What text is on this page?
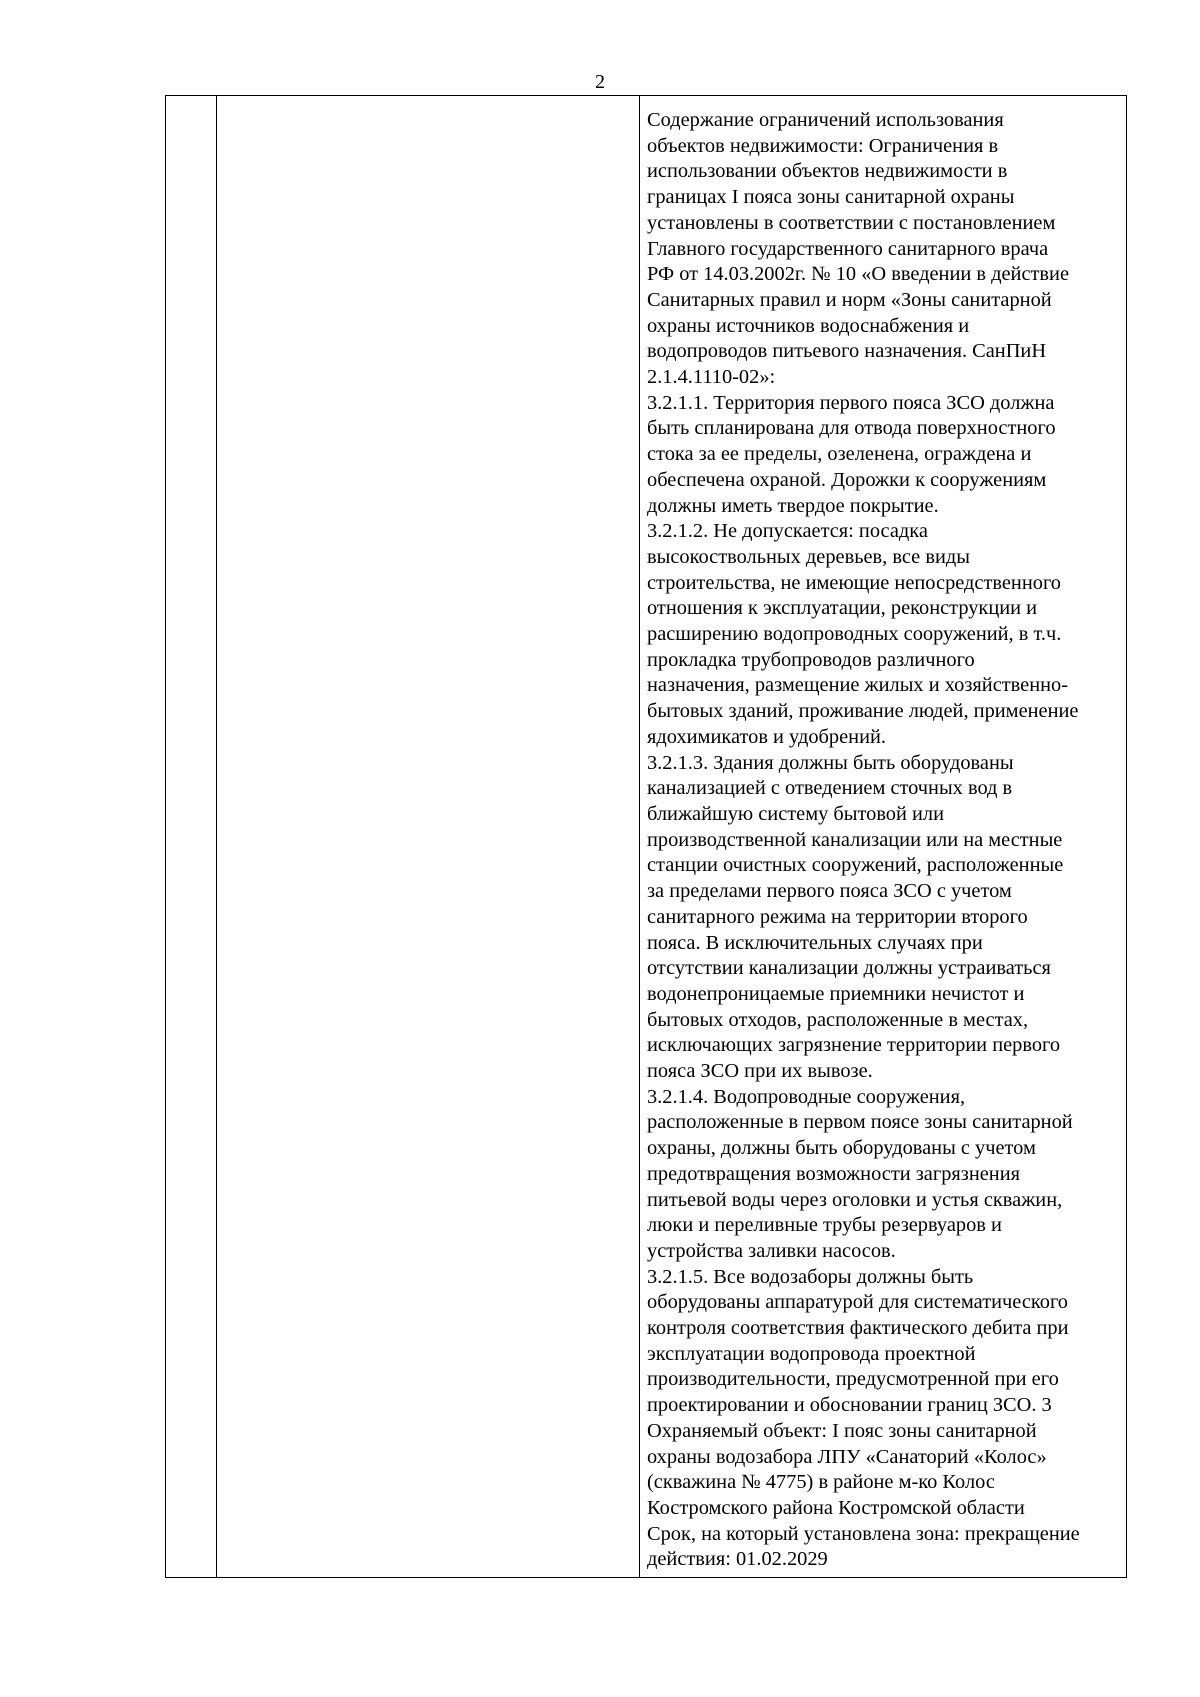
2

Содержание ограничений использования
объектов недвижимости: Ограничения в
использовании объектов недвижимости в
границах I пояса зоны санитарной охраны
установлены в соответствии с постановлением
Главного государственного санитарного врача
РФ от 14.03.2002г. № 10 «О введении в действие
Санитарных правил и норм «Зоны санитарной
охраны источников водоснабжения и
водопроводов питьевого назначения. СанПиН
2.1.4.1110-02»:

3.2.1.1. Территория первого пояса ЗСО должна
быть спланирована для отвода поверхностного
стока за ее пределы, озеленена, ограждена и
обеспечена охраной. Дорожки к сооружениям
должны иметь твердое покрытие.

3.2.1.2. Не допускается: посадка
высокоствольных деревьев, все виды
строительства, не имеющие непосредственного
отношения к эксплуатации, реконструкции и
расширению водопроводных сооружений, в т.ч.
прокладка трубопроводов различного
назначения, размещение жилых и хозяйственно-
бытовых зданий, проживание людей, применение
ядохимикатов и удобрений.

3.2.1.3. Здания должны быть оборудованы
канализацией с отведением сточных вод в
ближайшую систему бытовой или
производственной канализации или на местные
станции очистных сооружений, расположенные
за пределами первого пояса ЗСО с учетом
санитарного режима на территории второго
пояса. В исключительных случаях при
отсутствии канализации должны устраиваться
водонепроницаемые приемники нечистот и
бытовых отходов, расположенные в местах,
исключающих загрязнение территории первого
пояса ЗСО при их вывозе.

3.2.1.4. Водопроводные сооружения,
расположенные в первом поясе зоны санитарной
охраны, должны быть оборудованы с учетом
предотвращения возможности загрязнения
питьевой воды через оголовки и устья скважин,
люки и переливные трубы резервуаров и
устройства заливки насосов.

3.2.1.5. Все водозаборы должны быть
оборудованы аппаратурой для систематического
контроля соответствия фактического дебита при
эксплуатации водопровода проектной
производительности, предусмотренной при его
проектировании и обосновании границ ЗСО. 3

Охраняемый объект: I пояс зоны санитарной
охраны водозабора ЛПУ «Санаторий «Колос»
(скважина № 4775) в районе м-ко Колос
Костромского района Костромской области

Срок, на который установлена зона: прекращение
действия: 01.02.2029
